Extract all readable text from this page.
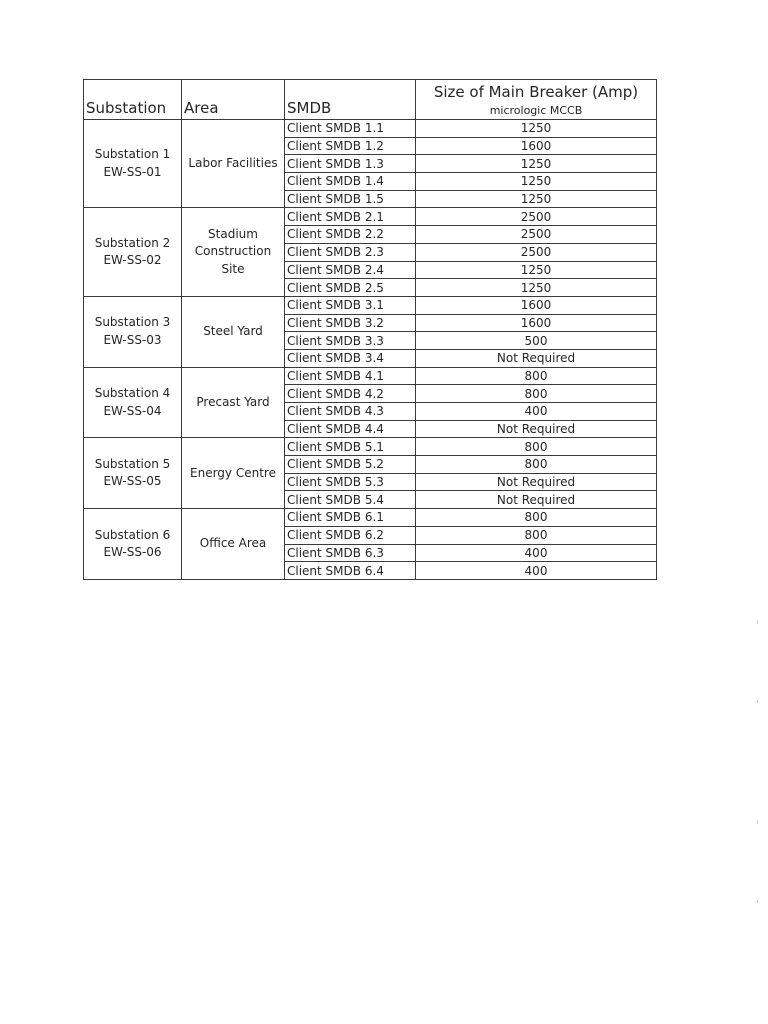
Substation	Area	SMDB	Size of Main Breaker (Amp)
micrologic MCCB

Substation 1
EW-SS-01	Labor Facilities	Client SMDB 1.1	1250
		Client SMDB 1.2	1600
		Client SMDB 1.3	1250
		Client SMDB 1.4	1250
		Client SMDB 1.5	1250
Substation 2
EW-SS-02	Stadium
Construction
Site	Client SMDB 2.1	2500
		Client SMDB 2.2	2500
		Client SMDB 2.3	2500
		Client SMDB 2.4	1250
		Client SMDB 2.5	1250
Substation 3
EW-SS-03	Steel Yard	Client SMDB 3.1	1600
		Client SMDB 3.2	1600
		Client SMDB 3.3	500
		Client SMDB 3.4	Not Required
Substation 4
EW-SS-04	Precast Yard	Client SMDB 4.1	800
		Client SMDB 4.2	800
		Client SMDB 4.3	400
		Client SMDB 4.4	Not Required
Substation 5
EW-SS-05	Energy Centre	Client SMDB 5.1	800
		Client SMDB 5.2	800
		Client SMDB 5.3	Not Required
		Client SMDB 5.4	Not Required
Substation 6
EW-SS-06	Office Area	Client SMDB 6.1	800
		Client SMDB 6.2	800
		Client SMDB 6.3	400
		Client SMDB 6.4	400
